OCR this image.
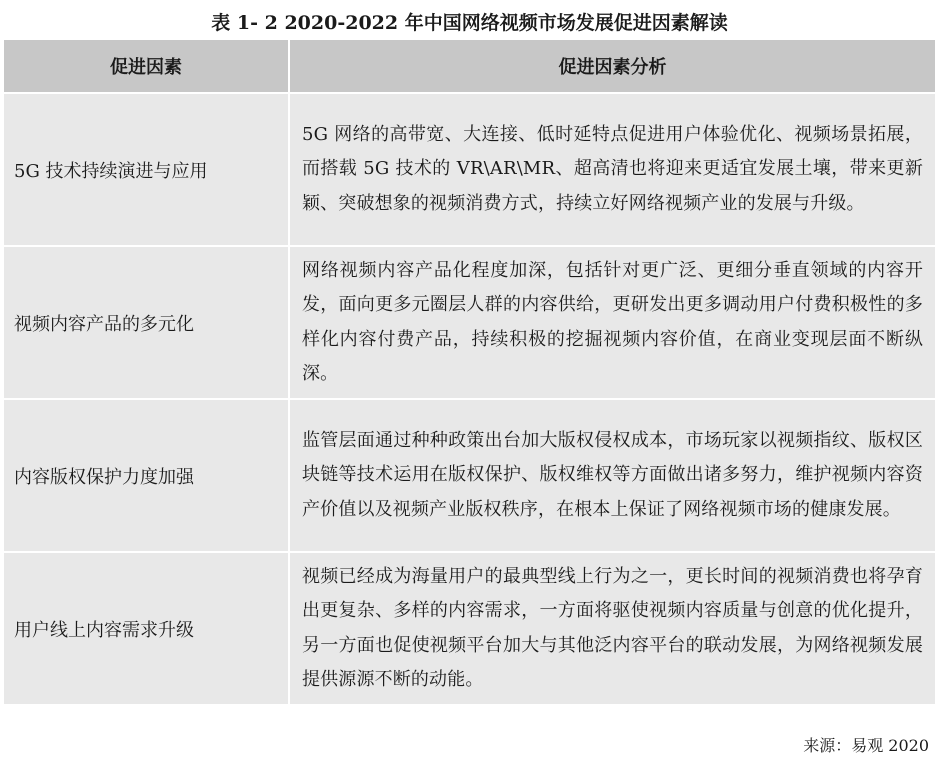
表 1- 2 2020-2022 年中国网络视频市场发展促进因素解读
促进因素	促进因素分析
5G 技术持续演进与应用	5G 网络的高带宽、大连接、低时延特点促进用户体验优化、视频场景拓展，而搭载 5G 技术的 VR\AR\MR、超高清也将迎来更适宜发展土壤，带来更新颖、突破想象的视频消费方式，持续立好网络视频产业的发展与升级。
视频内容产品的多元化	网络视频内容产品化程度加深，包括针对更广泛、更细分垂直领域的内容开发，面向更多元圈层人群的内容供给，更研发出更多调动用户付费积极性的多样化内容付费产品，持续积极的挖掘视频内容价值，在商业变现层面不断纵深。
内容版权保护力度加强	监管层面通过种种政策出台加大版权侵权成本，市场玩家以视频指纹、版权区块链等技术运用在版权保护、版权维权等方面做出诸多努力，维护视频内容资产价值以及视频产业版权秩序，在根本上保证了网络视频市场的健康发展。
用户线上内容需求升级	视频已经成为海量用户的最典型线上行为之一，更长时间的视频消费也将孕育出更复杂、多样的内容需求，一方面将驱使视频内容质量与创意的优化提升，另一方面也促使视频平台加大与其他泛内容平台的联动发展，为网络视频发展提供源源不断的动能。
来源：易观 2020
